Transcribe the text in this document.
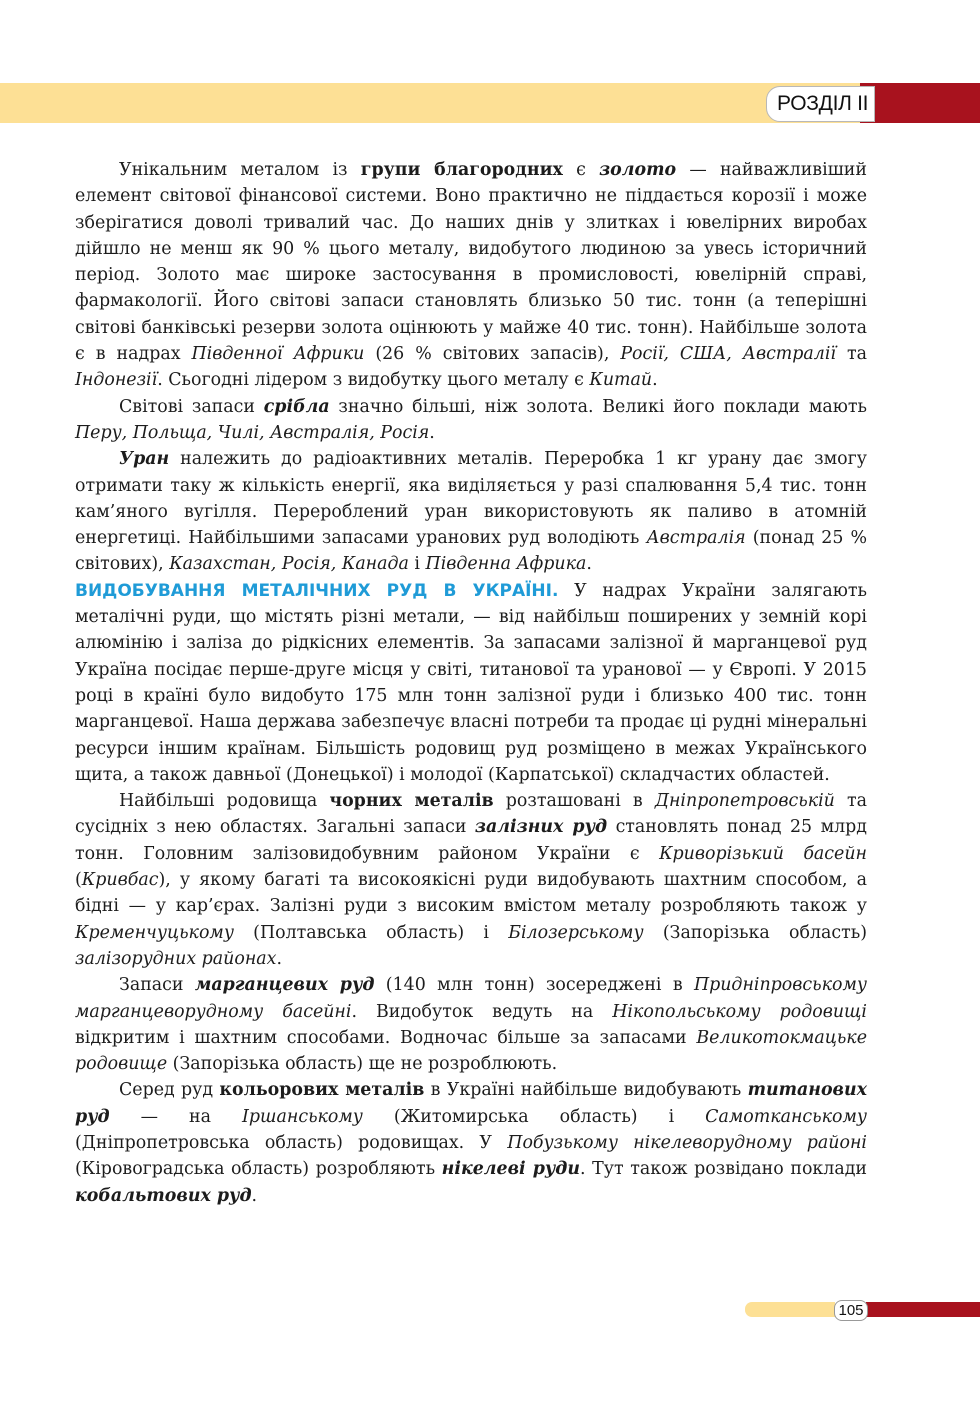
РОЗДІЛ ІІ

Унікальним металом із групи благородних є золото — найважливіший елемент світової фінансової системи. Воно практично не піддається корозії і може зберігатися доволі тривалий час. До наших днів у злитках і ювелірних виробах дійшло не менш як 90 % цього металу, видобутого людиною за увесь історичний період. Золото має широке застосування в промисловості, ювелірній справі, фармакології. Його світові запаси становлять близько 50 тис. тонн (а теперішні світові банківські резерви золота оцінюють у майже 40 тис. тонн). Найбільше золота є в надрах Південної Африки (26 % світових запасів), Росії, США, Австралії та Індонезії. Сьогодні лідером з видобутку цього металу є Китай.

Світові запаси срібла значно більші, ніж золота. Великі його поклади мають Перу, Польща, Чилі, Австралія, Росія.

Уран належить до радіоактивних металів. Переробка 1 кг урану дає змогу отримати таку ж кількість енергії, яка виділяється у разі спалювання 5,4 тис. тонн кам’яного вугілля. Перероблений уран використовують як паливо в атомній енергетиці. Найбільшими запасами уранових руд володіють Австралія (понад 25 % світових), Казахстан, Росія, Канада і Південна Африка.

ВИДОБУВАННЯ МЕТАЛІЧНИХ РУД В УКРАЇНІ. У надрах України залягають металічні руди, що містять різні метали, — від найбільш поширених у земній корі алюмінію і заліза до рідкісних елементів. За запасами залізної й марганцевої руд Україна посідає перше-друге місця у світі, титанової та уранової — у Європі. У 2015 році в країні було видобуто 175 млн тонн залізної руди і близько 400 тис. тонн марганцевої. Наша держава забезпечує власні потреби та продає ці рудні мінеральні ресурси іншим країнам. Більшість родовищ руд розміщено в межах Українського щита, а також давньої (Донецької) і молодої (Карпатської) складчастих областей.

Найбільші родовища чорних металів розташовані в Дніпропетровській та сусідніх з нею областях. Загальні запаси залізних руд становлять понад 25 млрд тонн. Головним залізовидобувним районом України є Криворізький басейн (Кривбас), у якому багаті та високоякісні руди видобувають шахтним способом, а бідні — у кар’єрах. Залізні руди з високим вмістом металу розробляють також у Кременчуцькому (Полтавська область) і Білозерському (Запорізька область) залізорудних районах.

Запаси марганцевих руд (140 млн тонн) зосереджені в Придніпровському марганцеворудному басейні. Видобуток ведуть на Нікопольському родовищі відкритим і шахтним способами. Водночас більше за запасами Великотокмацьке родовище (Запорізька область) ще не розроблюють.

Серед руд кольорових металів в Україні найбільше видобувають титанових руд — на Іршанському (Житомирська область) і Самотканському (Дніпропетровська область) родовищах. У Побузькому нікелеворудному районі (Кіровоградська область) розробляють нікелеві руди. Тут також розвідано поклади кобальтових руд.

105
